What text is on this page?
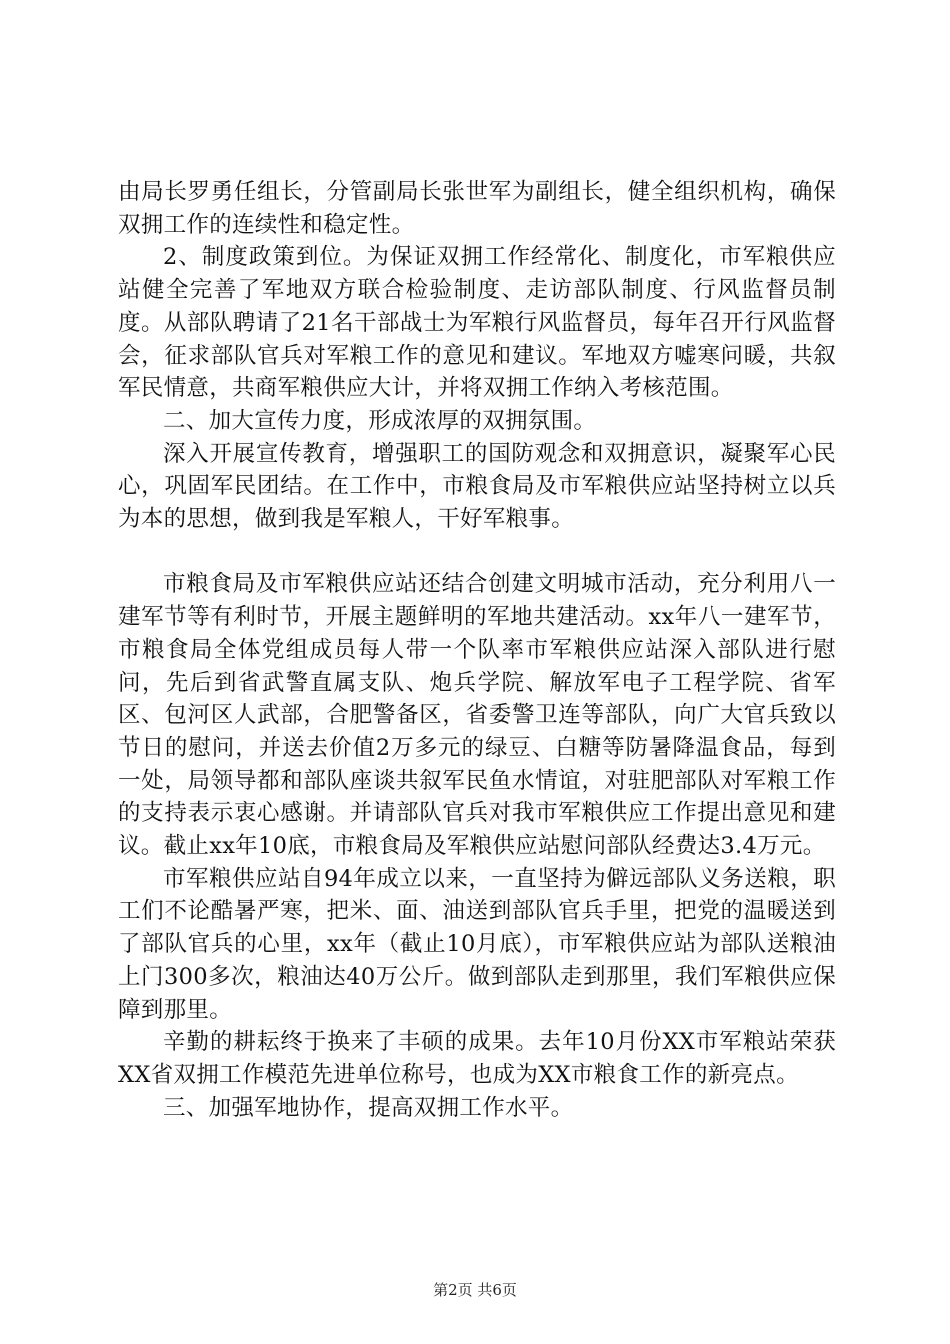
由局长罗勇任组长，分管副局长张世军为副组长，健全组织机构，确保双拥工作的连续性和稳定性。

2、制度政策到位。为保证双拥工作经常化、制度化，市军粮供应站健全完善了军地双方联合检验制度、走访部队制度、行风监督员制度。从部队聘请了21名干部战士为军粮行风监督员，每年召开行风监督会，征求部队官兵对军粮工作的意见和建议。军地双方嘘寒问暖，共叙军民情意，共商军粮供应大计，并将双拥工作纳入考核范围。

二、加大宣传力度，形成浓厚的双拥氛围。

深入开展宣传教育，增强职工的国防观念和双拥意识，凝聚军心民心，巩固军民团结。在工作中，市粮食局及市军粮供应站坚持树立以兵为本的思想，做到我是军粮人，干好军粮事。

市粮食局及市军粮供应站还结合创建文明城市活动，充分利用八一建军节等有利时节，开展主题鲜明的军地共建活动。xx年八一建军节，市粮食局全体党组成员每人带一个队率市军粮供应站深入部队进行慰问，先后到省武警直属支队、炮兵学院、解放军电子工程学院、省军区、包河区人武部，合肥警备区，省委警卫连等部队，向广大官兵致以节日的慰问，并送去价值2万多元的绿豆、白糖等防暑降温食品，每到一处，局领导都和部队座谈共叙军民鱼水情谊，对驻肥部队对军粮工作的支持表示衷心感谢。并请部队官兵对我市军粮供应工作提出意见和建议。截止xx年10底，市粮食局及军粮供应站慰问部队经费达3.4万元。

市军粮供应站自94年成立以来，一直坚持为僻远部队义务送粮，职工们不论酷暑严寒，把米、面、油送到部队官兵手里，把党的温暖送到了部队官兵的心里，xx年（截止10月底），市军粮供应站为部队送粮油上门300多次，粮油达40万公斤。做到部队走到那里，我们军粮供应保障到那里。

辛勤的耕耘终于换来了丰硕的成果。去年10月份XX市军粮站荣获XX省双拥工作模范先进单位称号，也成为XX市粮食工作的新亮点。

三、加强军地协作，提高双拥工作水平。

第2页 共6页
